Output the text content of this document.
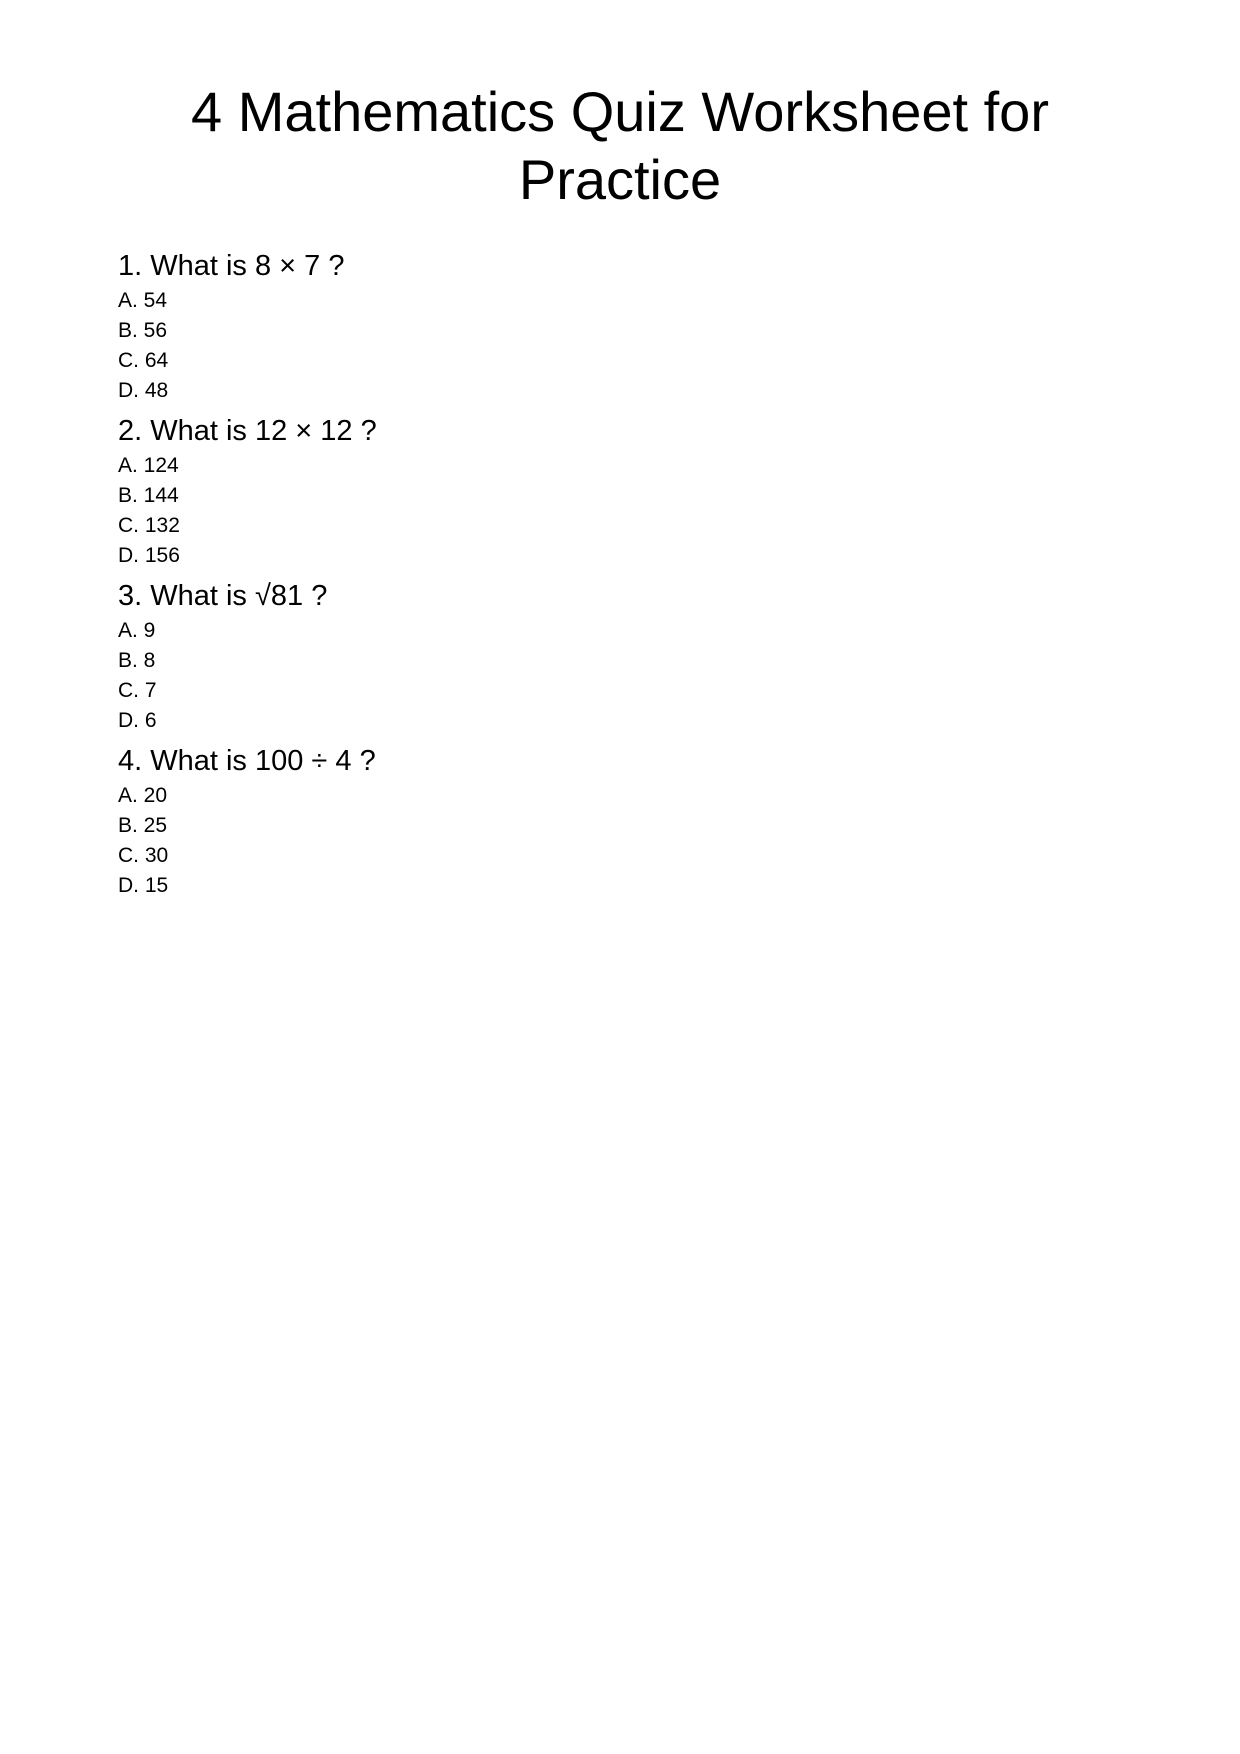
4 Mathematics Quiz Worksheet for Practice
1. What is 8 × 7 ?
A. 54
B. 56
C. 64
D. 48
2. What is 12 × 12 ?
A. 124
B. 144
C. 132
D. 156
3. What is √81 ?
A. 9
B. 8
C. 7
D. 6
4. What is 100 ÷ 4 ?
A. 20
B. 25
C. 30
D. 15
